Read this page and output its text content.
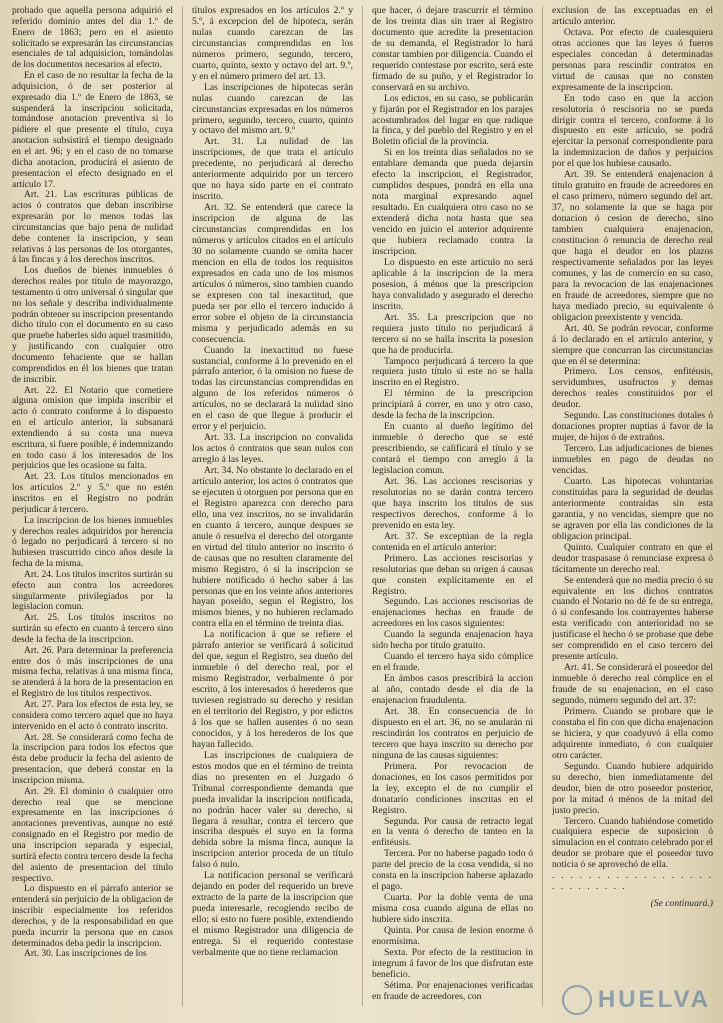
probado que aquella persona adquirió el referido dominio antes del dia 1.º de Enero de 1863; pero en el asiento solicitado se expresarán las circunstancias esenciales de tal adquisicion, tomándolas de los documentos necesarios al efecto.

En el caso de no resultar la fecha de la adquisicion, ó de ser posterior al expresado dia 1.º de Enero de 1863, se suspenderá la inscripcion solicitada, tomándose anotacion preventiva si lo pidiere el que presente el título, cuya anotacion subsistirá el tiempo designado en el art. 96; y en el caso de no tomarse dicha anotacion, producirá el asiento de presentacion el efecto designado en el artículo 17.

Art. 21. Las escrituras públicas de actos ó contratos que deban inscribirse expresarán por lo menos todas las circunstancias que bajo pena de nulidad debe contener la inscripcion, y sean relativas á las personas de los otorgantes, á las fincas y á los derechos inscritos.

Los dueños de bienes inmuebles ó derechos reales por título de mayorazgo, testamento ú otro universal ó singular que no los señale y describa individualmente podrán obtener su inscripcion presentando dicho título con el documento en su caso que pruebe haberles sido aquel trasmitido, y justificando con cualquier otro documento fehaciente que se hallan comprendidos en él los bienes que tratan de inscribir.

Art. 22. El Notario que cometiere alguna omision que impida inscribir el acto ó contrato conforme á lo dispuesto en el artículo anterior, la subsanará extendiendo á su costa una nueva escritura, si fuere posible, é indemnizando en todo caso á los interesados de los perjuicios que les ocasione su falta.

Art. 23. Los títulos mencionados en los artículos 2.º y 5.º que no estén inscritos en el Registro no podrán perjudicar á tercero.

La inscripcion de los bienes inmuebles y derechos reales adquiridos por herencia ó legado no perjudicará á tercero si no hubiesen trascurrido cinco años desde la fecha de la misma.

Art. 24. Los títulos inscritos surtirán su efecto aun contra los acreedores singularmente privilegiados por la legislacion comun.

Art. 25. Los títulos inscritos no surtirán su efecto en cuanto á tercero sino desde la fecha de la inscripcion.

Art. 26. Para determinar la preferencia entre dos ó más inscripciones de una misma fecha, relativas á una misma finca, se atenderá á la hora de la presentacion en el Registro de los títulos respectivos.

Art. 27. Para los efectos de esta ley, se considera como tercero aquel que no haya intervenido en el acto ó contrato inscrito.

Art. 28. Se considerará como fecha de la inscripcion para todos los efectos que ésta debe producir la fecha del asiento de presentacion, que deberá constar en la inscripcion misma.

Art. 29. El dominio ó cualquier otro derecho real que se mencione expresamente en las inscripciones ó anotaciones preventivas, aunque no esté consignado en el Registro por medio de una inscripcion separada y especial, surtirá efecto contra tercero desde la fecha del asiento de presentacion del título respectivo.

Lo dispuesto en el párrafo anterior se entenderá sin perjuicio de la obligacion de inscribir especialmente los referidos derechos, y de la responsabilidad en que pueda incurrir la persona que en casos determinados deba pedir la inscripcion.

Art. 30. Las inscripciones de los

títulos expresados en los artículos 2.º y 5.º, á excepcion del de hipoteca, serán nulas cuando carezcan de las circunstancias comprendidas en los números primero, segundo, tercero, cuarto, quinto, sexto y octavo del art. 9.º, y en el número primero del art. 13.

Las inscripciones de hipotecas serán nulas cuando carezcan de las circunstancias expresadas en los números primero, segundo, tercero, cuarto, quinto y octavo del mismo art. 9.º

Art. 31. La nulidad de las inscripciones, de que trata el artículo precedente, no perjudicará al derecho anteriormente adquirido por un tercero que no haya sido parte en el contrato inscrito.

Art. 32. Se entenderá que carece la inscripcion de alguna de las circunstancias comprendidas en los números y artículos citados en el artículo 30 no solamente cuando se omita hacer mencion en ella de todos los requisitos expresados en cada uno de los mismos artículos ó números, sino tambien cuando se expresen con tal inexactitud, que pueda ser por ello el tercero inducido á error sobre el objeto de la circunstancia misma y perjudicado además en su consecuencia.

Cuando la inexactitud no fuese sustancial, conforme á lo prevenido en el párrafo anterior, ó la omision no fuese de todas las circunstancias comprendidas en alguno de los referidos números ó artículos, no se declarará la nulidad sino en el caso de que llegue á producir el error y el perjuicio.

Art. 33. La inscripcion no convalida los actos ó contratos que sean nulos con arreglo á las leyes.

Art. 34. No obstante lo declarado en el artículo anterior, los actos ó contratos que se ejecuten ú otorguen por persona que en el Registro aparezca con derecho para ello, una vez inscritos, no se invalidarán en cuanto á tercero, aunque despues se anule ó resuelva el derecho del otorgante en virtud del título anterior no inscrito ó de causas que no resulten claramente del mismo Registro, ó si la inscripcion se hubiere notificado ó hecho saber á las personas que en los veinte años anteriores hayan poseido, segun el Registro, los mismos bienes, y no hubieren reclamado contra ella en el término de treinta dias.

La notificacion á que se refiere el párrafo anterior se verificará á solicitud del que, segun el Registro, sea dueño del inmueble ó del derecho real, por el mismo Registrador, verbalmente ó por escrito, á los interesados ó herederos que tuviesen registrado su derecho y residan en el territorio del Registro, y por edictos á los que se hallen ausentes ó no sean conocidos, y á los herederos de los que hayan fallecido.

Las inscripciones de cualquiera de estos modos que en el término de treinta dias no presenten en el Juzgado ó Tribunal correspondiente demanda que pueda invalidar la inscripcion notificada, no podrán hacer valer su derecho, si llegara á resultar, contra el tercero que inscriba después el suyo en la forma debida sobre la misma finca, aunque la inscripcion anterior proceda de un título falso ó nulo.

La notificacion personal se verificará dejando en poder del requerido un breve extracto de la parte de la inscripcion que pueda interesarle, recogiendo recibo de ello; si esto no fuere posible, extendiendo el mismo Registrador una diligencia de entrega. Si el requerido contestase verbalmente que no tiene reclamacion

que hacer, ó dejare trascurrir el término de los treinta dias sin traer al Registro documento que acredite la presentacion de su demanda, el Registrador lo hará constar tambien por diligencia. Cuando el requerido contestase por escrito, será este firmado de su puño, y el Registrador lo conservará en su archivo.

Los edictos, en su caso, se publicarán y fijarán por el Registrador en los parajes acostumbrados del lugar en que radique la finca, y del pueblo del Registro y en el Boletin oficial de la provincia.

Si en los treinta dias señalados no se entablare demanda que pueda dejarsin efecto la inscripcion, el Registrador, cumplidos despues, pondrá en ella una nota marginal expresando aquel resultado. En cualquiera otro caso no se extenderá dicha nota hasta que sea vencido en juicio el anterior adquirente que hubiera reclamado contra la inscripcion.

Lo dispuesto en este artículo no será aplicable á la inscripcion de la mera posesion, á ménos que la prescripcion haya convalidado y asegurado el derecho inscrito.

Art. 35. La prescripcion que no requiera justo título no perjudicará á tercero si no se halla inscrita la posesion que ha de producirla.

Tampoco perjudicará á tercero la que requiera justo título si este no se halla inscrito en el Registro.

El término de la prescripcion principiará á correr, en uno y otro caso, desde la fecha de la inscripcion.

En cuanto al dueño legítimo del inmueble ó derecho que se esté prescribiendo, se calificará el título y se contará el tiempo con arreglo á la legislacion comun.

Art. 36. Las acciones rescisorias y resolutorias no se darán contra tercero que haya inscrito los títulos de sus respectivos derechos, conforme á lo prevenido en esta ley.

Art. 37. Se exceptúan de la regla contenida en el artículo anterior:

Primero. Las acciones rescisorias y resolutorias que deban su origen á causas que consten explícitamente en el Registro.

Segundo. Las acciones rescisorias de enajenaciones hechas en fraude de acreedores en los casos siguientes:

Cuando la segunda enajenacion haya sido hecha por título gratuito.

Cuando el tercero haya sido cómplice en el fraude.

En ámbos casos prescribirá la accion al año, contado desde el dia de la enajenacion fraudulenta.

Art. 38. En consecuencia de lo dispuesto en el art. 36, no se anularán ni rescindirán los contratos en perjuicio de tercero que haya inscrito su derecho por ninguna de las causas siguientes:

Primera. Por revocacion de donaciones, en los casos permitidos por la ley, excepto el de no cumplir el donatario condiciones inscritas en el Registro.

Segunda. Por causa de retracto legal en la venta ó derecho de tanteo en la enfitéusis.

Tercera. Por no haberse pagado todo ó parte del precio de la cosa vendida, si no consta en la inscripcion haberse aplazado el pago.

Cuarta. Por la doble venta de una misma cosa cuando alguna de ellas no hubiere sido inscrita.

Quinta. Por causa de lesion enorme ó enormísima.

Sexta. Por efecto de la restitucion in integrum á favor de los que disfrutan este beneficio.

Sétima. Por enajenaciones verificadas en fraude de acreedores, con

exclusion de las exceptuadas en el artículo anterior.

Octava. Por efecto de cualesquiera otras acciones que las leyes ó fueros especiales concedan á determinadas personas para rescindir contratos en virtud de causas que no consten expresamente de la inscripcion.

En todo caso en que la accion resolutoria ó rescisoria no se pueda dirigir contra el tercero, conforme á lo dispuesto en este artículo, se podrá ejercitar la personal correspondiente para la indemnizacion de daños y perjuicios por el que los hubiese causado.

Art. 39. Se entenderá enajenacion á título gratuito en fraude de acreedores en el caso primero, número segundo del art. 37, no solamente la que se haga por donacion ó cesion de derecho, sino tambien cualquiera enajenacion, constitucion ó renuncia de derecho real que haga el deudor en los plazos respectivamente señalados por las leyes comunes, y las de comercio en su caso, para la revocacion de las enajenaciones en fraude de acreedores, siempre que no haya mediado precio, su equivalente ó obligacion preexistente y vencida.

Art. 40. Se podrán revocar, conforme á lo declarado en el artículo anterior, y siempre que concurran las circunstancias que en él se determina:

Primero. Los censos, enfitéusis, servidumbres, usufructos y demas derechos reales constituidos por el deudor.

Segundo. Las constituciones dotales ó donaciones propter nuptias á favor de la mujer, de hijos ó de extraños.

Tercero. Las adjudicaciones de bienes inmuebles en pago de deudas no vencidas.

Cuarto. Las hipotecas voluntarias constituidas para la seguridad de deudas anteriormente contraidas sin esta garantía, y no vencidas, siempre que no se agraven por ella las condiciones de la obligacion principal.

Quinto. Cualquier contrato en que el deudor traspasase ó renunciase expresa ó tácitamente un derecho real.

Se entenderá que no media precio ó su equivalente en los dichos contratos cuando el Notario no dé fe de su entrega, ó si confesando los contrayentes haberse esta verificado con anterioridad no se justificase el hecho ó se probase que debe ser comprendido en el caso tercero del presente artículo.

Art. 41. Se considerará el poseedor del inmueble ó derecho real cómplice en el fraude de su enajenacion, en el caso segundo, número segundo del art. 37:

Primero. Cuando se probare que le constaba el fin con que dicha enajenacion se hiciera, y que coadyuvó á ella como adquirente inmediato, ó con cualquier otro carácter.

Segundo. Cuando hubiere adquirido su derecho, bien inmediatamente del deudor, bien de otro poseedor posterior, por la mitad ó ménos de la mitad del justo precio.

Tercero. Cuando habiéndose cometido cualquiera especie de suposicion ó simulacion en el contrato celebrado por el deudor se probare que el poseedor tuvo noticia ó se aprovechó de ella.

. . . . . . . . . . . . . . . . . . . . . . . . . . .

(Se continuará.)

HUELVA
